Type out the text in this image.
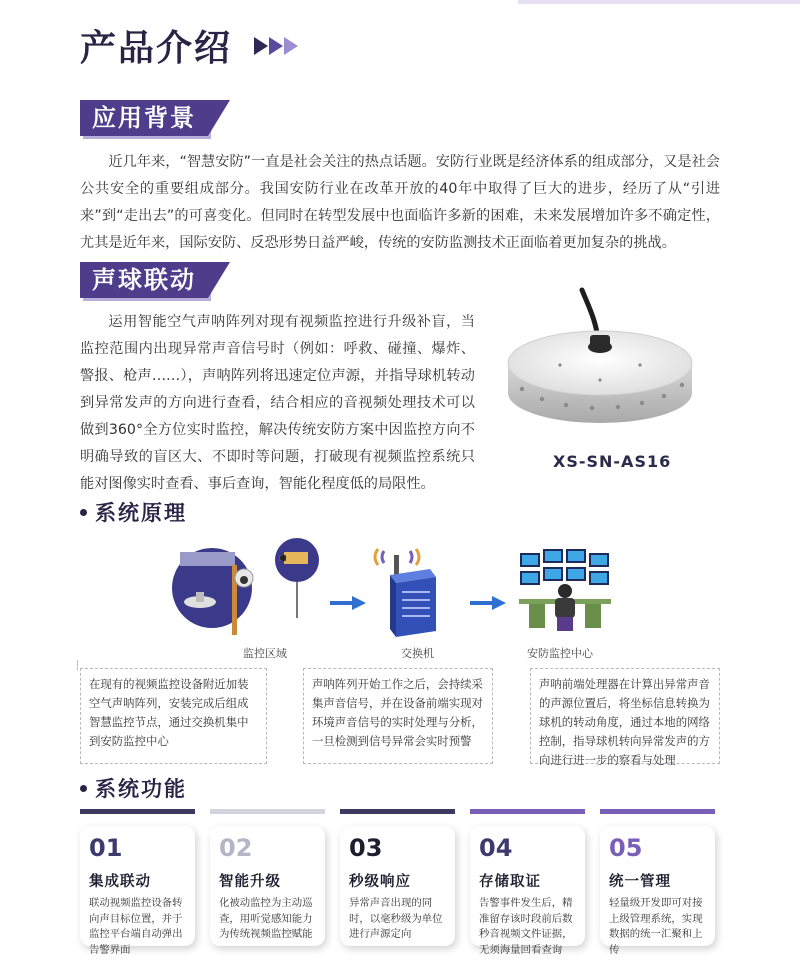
产品介绍
应用背景
近几年来，“智慧安防”一直是社会关注的热点话题。安防行业既是经济体系的组成部分，又是社会公共安全的重要组成部分。我国安防行业在改革开放的40年中取得了巨大的进步，经历了从“引进来”到“走出去”的可喜变化。但同时在转型发展中也面临许多新的困难，未来发展增加许多不确定性，尤其是近年来，国际安防、反恐形势日益严峻，传统的安防监测技术正面临着更加复杂的挑战。
声球联动
运用智能空气声呐阵列对现有视频监控进行升级补盲，当监控范围内出现异常声音信号时（例如：呼救、碰撞、爆炸、警报、枪声……），声呐阵列将迅速定位声源，并指导球机转动到异常发声的方向进行查看，结合相应的音视频处理技术可以做到360°全方位实时监控，解决传统安防方案中因监控方向不明确导致的盲区大、不即时等问题，打破现有视频监控系统只能对图像实时查看、事后查询，智能化程度低的局限性。
XS-SN-AS16
系统原理
监控区域	交换机	安防监控中心
在现有的视频监控设备附近加装空气声呐阵列，安装完成后组成智慧监控节点，通过交换机集中到安防监控中心
声呐阵列开始工作之后，会持续采集声音信号，并在设备前端实现对环境声音信号的实时处理与分析，一旦检测到信号异常会实时预警
声呐前端处理器在计算出异常声音的声源位置后，将坐标信息转换为球机的转动角度，通过本地的网络控制，指导球机转向异常发声的方向进行进一步的察看与处理
系统功能
01
集成联动
联动视频监控设备转向声目标位置，并于监控平台端自动弹出告警界面
02
智能升级
化被动监控为主动巡查，用听觉感知能力为传统视频监控赋能
03
秒级响应
异常声音出现的同时，以毫秒级为单位进行声源定向
04
存储取证
告警事件发生后，精准留存该时段前后数秒音视频文件证据，无须海量回看查询
05
统一管理
轻量级开发即可对接上级管理系统，实现数据的统一汇聚和上传
